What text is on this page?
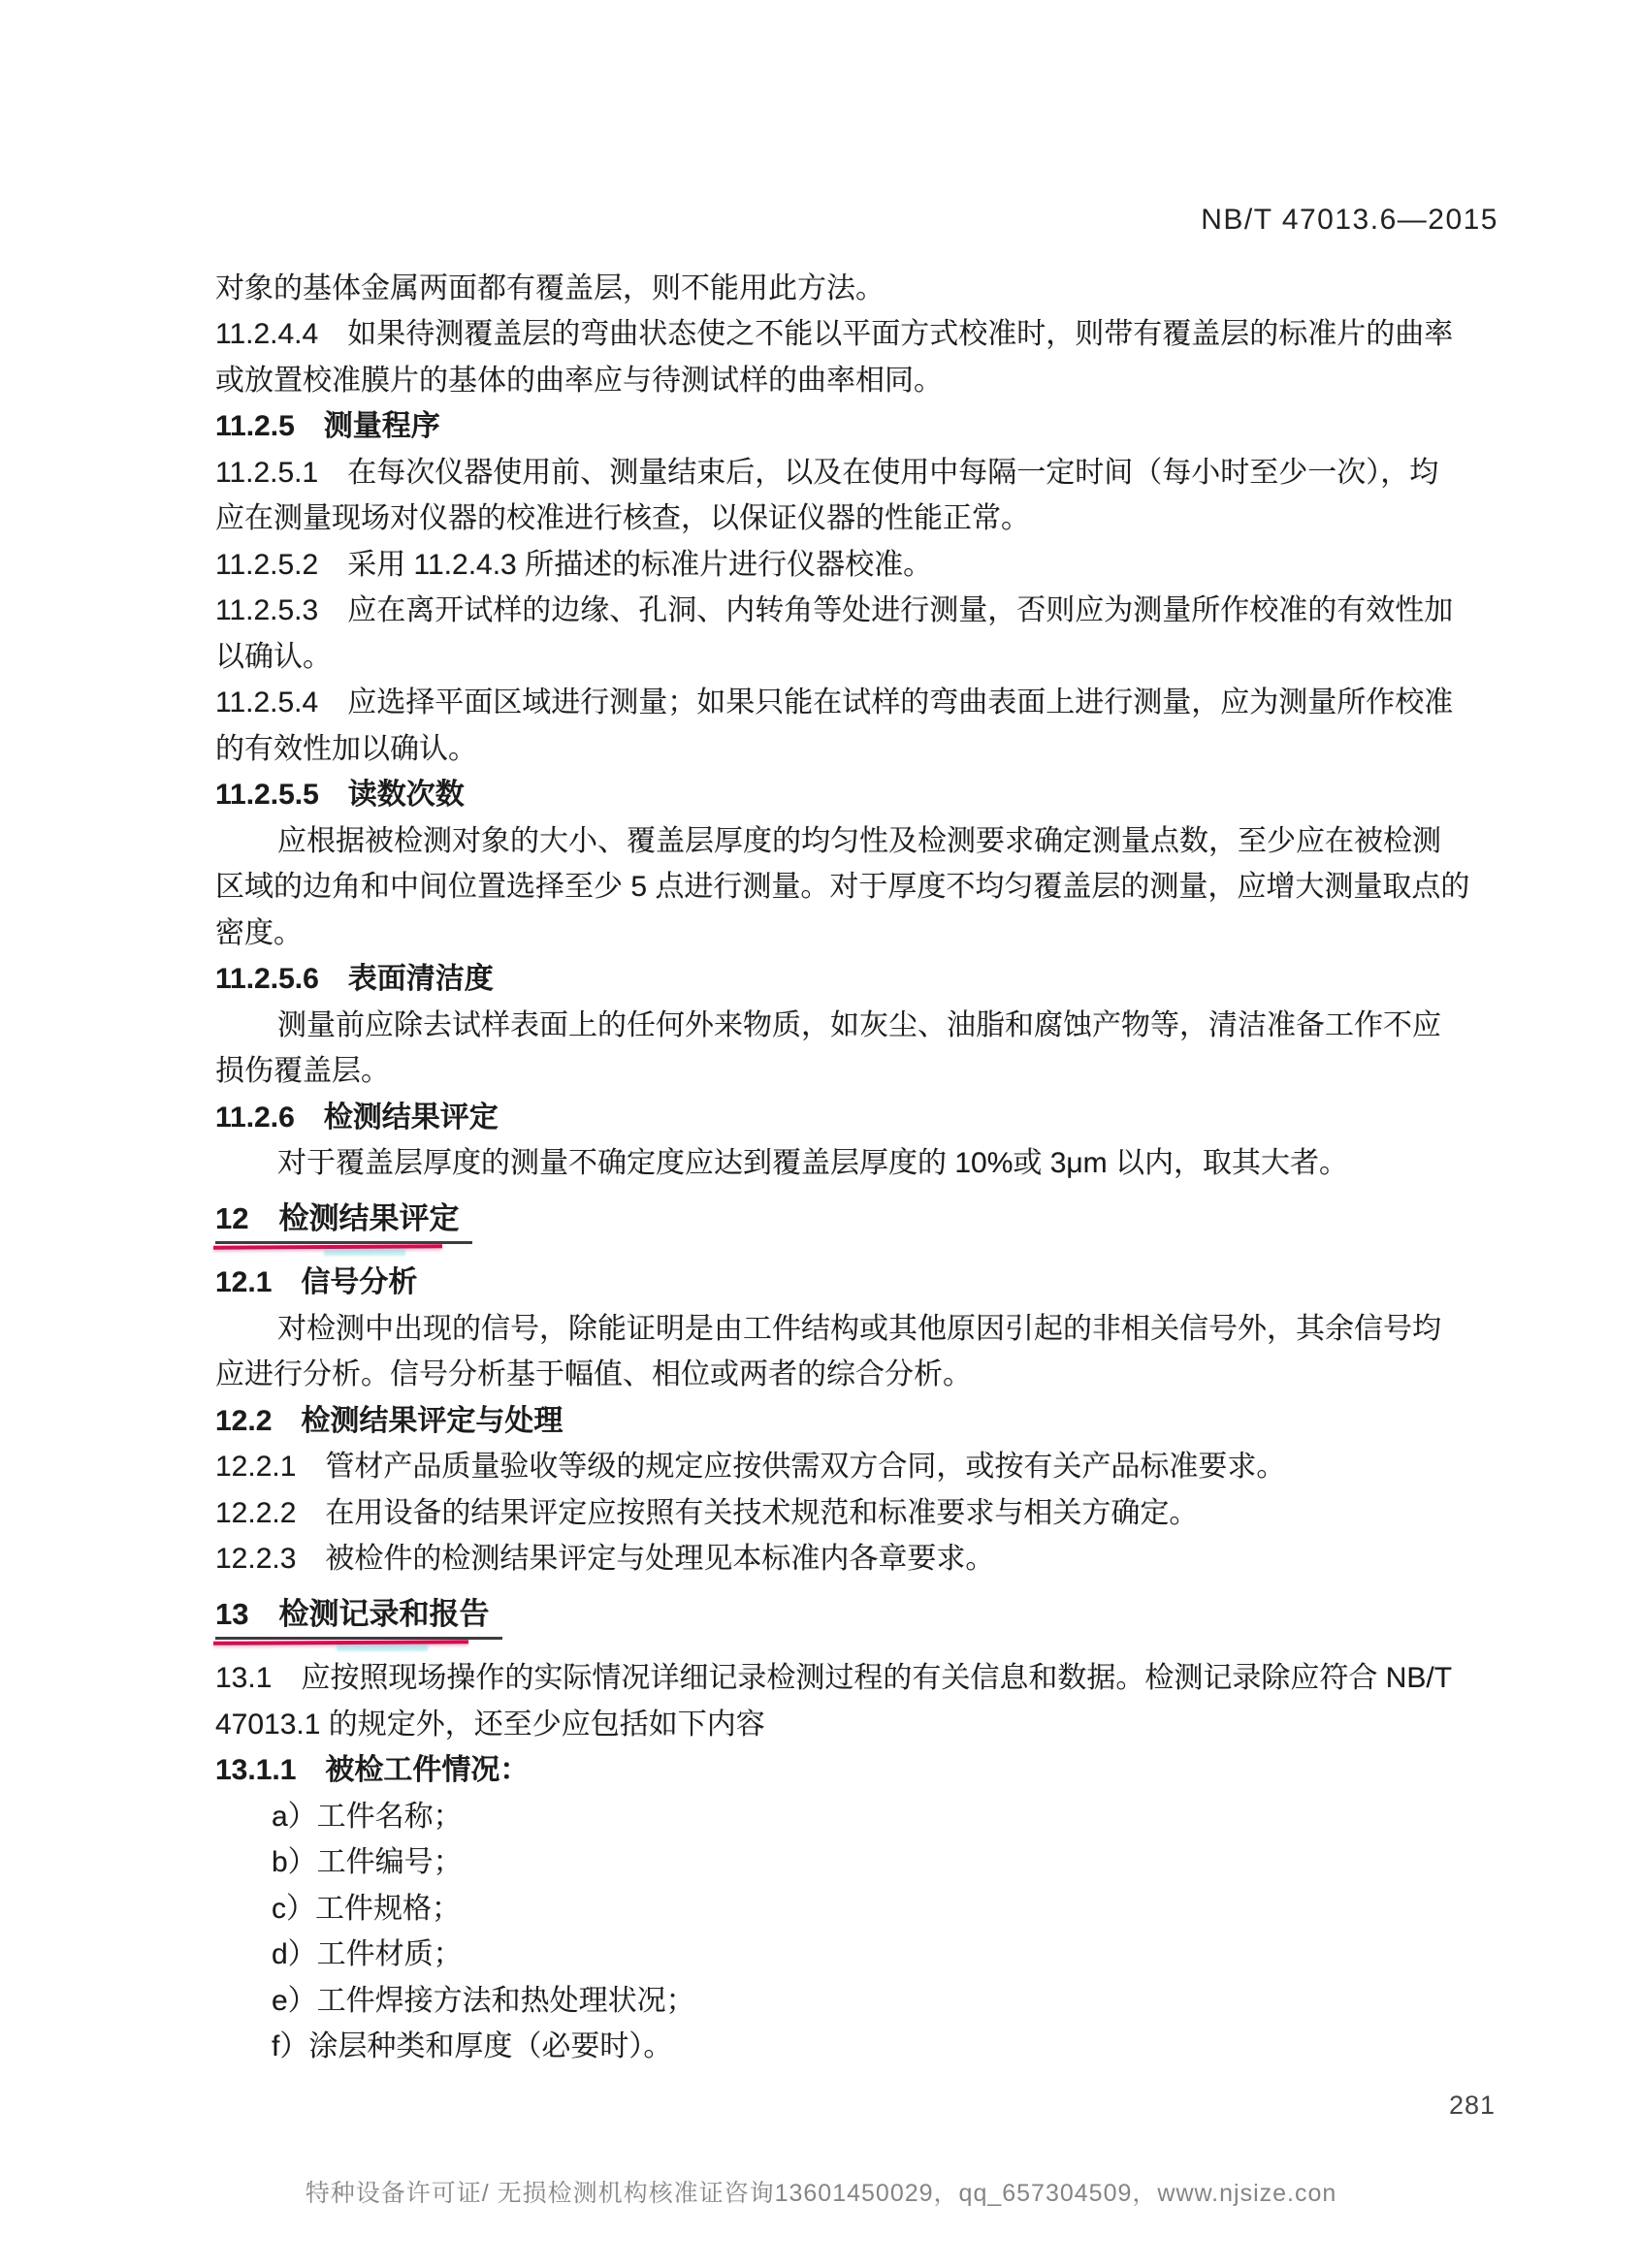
NB/T 47013.6—2015
对象的基体金属两面都有覆盖层，则不能用此方法。
11.2.4.4　如果待测覆盖层的弯曲状态使之不能以平面方式校准时，则带有覆盖层的标准片的曲率
或放置校准膜片的基体的曲率应与待测试样的曲率相同。
11.2.5　测量程序
11.2.5.1　在每次仪器使用前、测量结束后，以及在使用中每隔一定时间（每小时至少一次），均
应在测量现场对仪器的校准进行核查，以保证仪器的性能正常。
11.2.5.2　采用 11.2.4.3 所描述的标准片进行仪器校准。
11.2.5.3　应在离开试样的边缘、孔洞、内转角等处进行测量，否则应为测量所作校准的有效性加
以确认。
11.2.5.4　应选择平面区域进行测量；如果只能在试样的弯曲表面上进行测量，应为测量所作校准
的有效性加以确认。
11.2.5.5　读数次数
应根据被检测对象的大小、覆盖层厚度的均匀性及检测要求确定测量点数，至少应在被检测
区域的边角和中间位置选择至少 5 点进行测量。对于厚度不均匀覆盖层的测量，应增大测量取点的
密度。
11.2.5.6　表面清洁度
测量前应除去试样表面上的任何外来物质，如灰尘、油脂和腐蚀产物等，清洁准备工作不应
损伤覆盖层。
11.2.6　检测结果评定
对于覆盖层厚度的测量不确定度应达到覆盖层厚度的 10%或 3μm 以内，取其大者。
12　检测结果评定
12.1　信号分析
对检测中出现的信号，除能证明是由工件结构或其他原因引起的非相关信号外，其余信号均
应进行分析。信号分析基于幅值、相位或两者的综合分析。
12.2　检测结果评定与处理
12.2.1　管材产品质量验收等级的规定应按供需双方合同，或按有关产品标准要求。
12.2.2　在用设备的结果评定应按照有关技术规范和标准要求与相关方确定。
12.2.3　被检件的检测结果评定与处理见本标准内各章要求。
13　检测记录和报告
13.1　应按照现场操作的实际情况详细记录检测过程的有关信息和数据。检测记录除应符合 NB/T
47013.1 的规定外，还至少应包括如下内容
13.1.1　被检工件情况：
a）工件名称；
b）工件编号；
c）工件规格；
d）工件材质；
e）工件焊接方法和热处理状况；
f）涂层种类和厚度（必要时）。
281
特种设备许可证/ 无损检测机构核准证咨询13601450029，qq_657304509，www.njsize.con
